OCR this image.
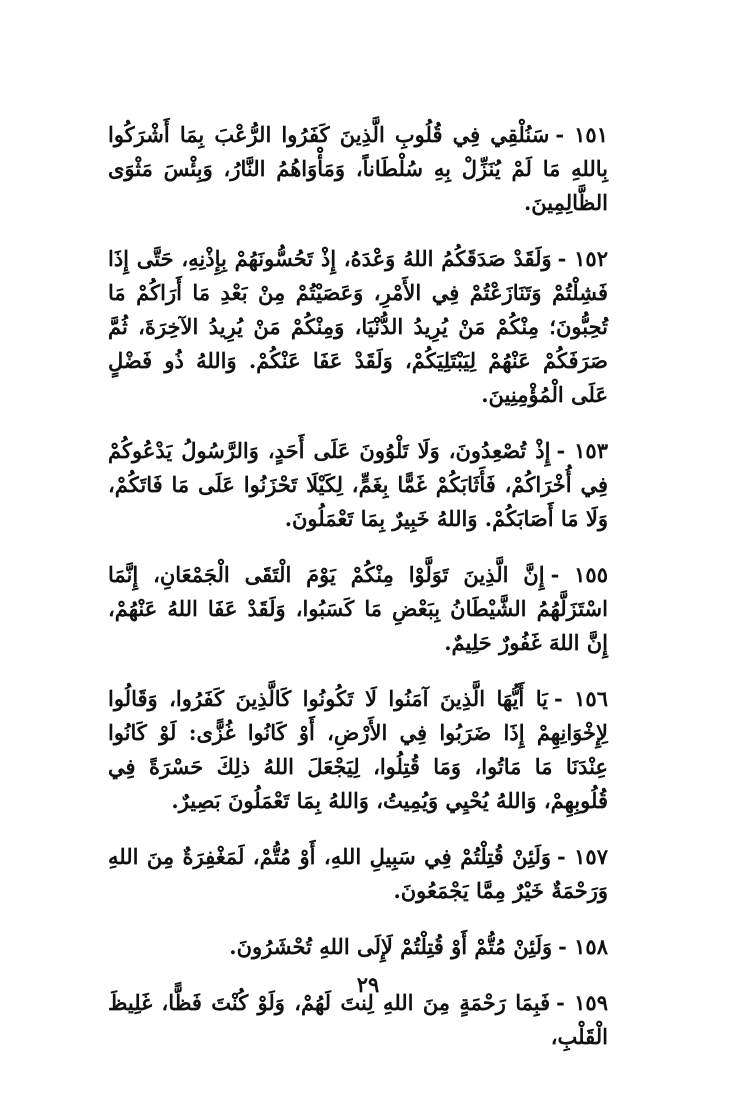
١٥١ -سَنُلْقِي فِي قُلُوبِ الَّذِينَ كَفَرُوا الرُّعْبَ بِمَا أَشْرَكُوا بِاللهِ مَا لَمْ يُنَزِّلْ بِهِ سُلْطَاناً، وَمَأْوَاهُمُ النَّارُ، وَبِئْسَ مَثْوَى الظَّالِمِينَ.

١٥٢ -وَلَقَدْ صَدَقَكُمُ اللهُ وَعْدَهُ، إِذْ تَحُسُّونَهُمْ بِإِذْنِهِ، حَتَّى إِذَا فَشِلْتُمْ وَتَنَازَعْتُمْ فِي الأَمْرِ، وَعَصَيْتُمْ مِنْ بَعْدِ مَا أَرَاكُمْ مَا تُحِبُّونَ؛ مِنْكُمْ مَنْ يُرِيدُ الدُّنْيَا، وَمِنْكُمْ مَنْ يُرِيدُ الآخِرَةَ، ثُمَّ صَرَفَكُمْ عَنْهُمْ لِيَبْتَلِيَكُمْ، وَلَقَدْ عَفَا عَنْكُمْ. وَاللهُ ذُو فَضْلٍ عَلَى الْمُؤْمِنِينَ.

١٥٣ -إِذْ تُصْعِدُونَ، وَلَا تَلْوُونَ عَلَى أَحَدٍ، وَالرَّسُولُ يَدْعُوكُمْ فِي أُخْرَاكُمْ، فَأَثَابَكُمْ غَمًّا بِغَمٍّ، لِكَيْلَا تَحْزَنُوا عَلَى مَا فَاتَكُمْ، وَلَا مَا أَصَابَكُمْ. وَاللهُ خَبِيرٌ بِمَا تَعْمَلُونَ.

١٥٥ -إِنَّ الَّذِينَ تَوَلَّوْا مِنْكُمْ يَوْمَ الْتَقَى الْجَمْعَانِ، إِنَّمَا اسْتَزَلَّهُمُ الشَّيْطَانُ بِبَعْضِ مَا كَسَبُوا، وَلَقَدْ عَفَا اللهُ عَنْهُمْ، إِنَّ اللهَ غَفُورٌ حَلِيمٌ.

١٥٦ -يَا أَيُّهَا الَّذِينَ آمَنُوا لَا تَكُونُوا كَالَّذِينَ كَفَرُوا، وَقَالُوا لِإِخْوَانِهِمْ إِذَا ضَرَبُوا فِي الأَرْضِ، أَوْ كَانُوا غُزًّى: لَوْ كَانُوا عِنْدَنَا مَا مَاتُوا، وَمَا قُتِلُوا، لِيَجْعَلَ اللهُ ذلِكَ حَسْرَةً فِي قُلُوبِهِمْ، وَاللهُ يُحْيِي وَيُمِيتُ، وَاللهُ بِمَا تَعْمَلُونَ بَصِيرٌ.

١٥٧ -وَلَئِنْ قُتِلْتُمْ فِي سَبِيلِ اللهِ، أَوْ مُتُّمْ، لَمَغْفِرَةٌ مِنَ اللهِ وَرَحْمَةٌ خَيْرٌ مِمَّا يَجْمَعُونَ.

١٥٨ -وَلَئِنْ مُتُّمْ أَوْ قُتِلْتُمْ لَإِلَى اللهِ تُحْشَرُونَ.

١٥٩ -فَبِمَا رَحْمَةٍ مِنَ اللهِ لِنتَ لَهُمْ، وَلَوْ كُنْتَ فَظًّا، غَلِيظَ الْقَلْبِ،

٢٩
